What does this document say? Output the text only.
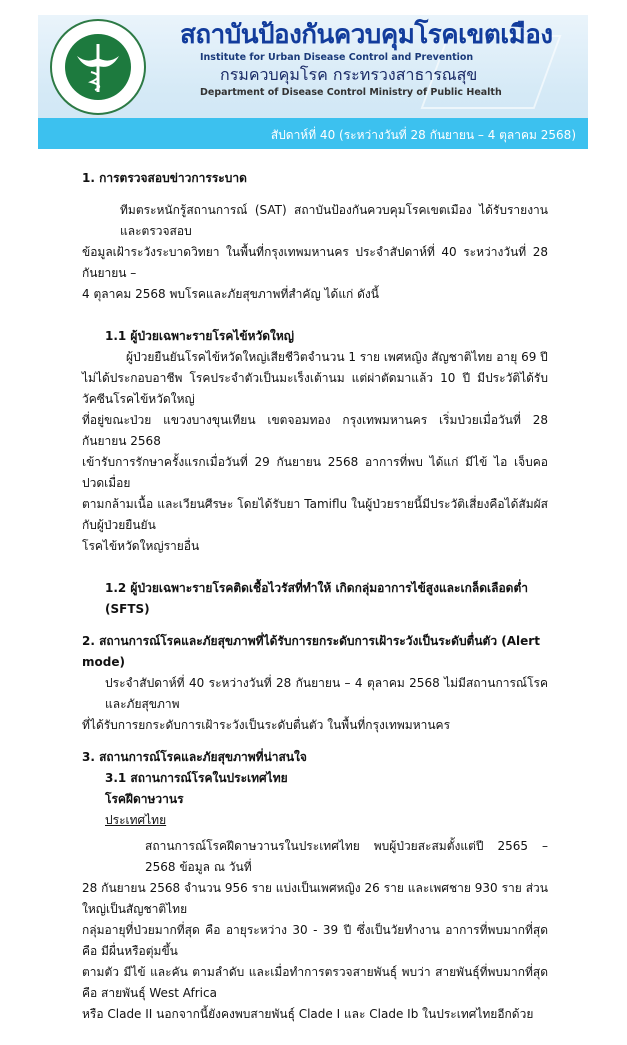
สถาบันป้องกันควบคุมโรคเขตเมือง
Institute for Urban Disease Control and Prevention
กรมควบคุมโรค กระทรวงสาธารณสุข
Department of Disease Control Ministry of Public Health
สัปดาห์ที่ 40 (ระหว่างวันที่ 28 กันยายน – 4 ตุลาคม 2568)
1. การตรวจสอบข่าวการระบาด
ทีมตระหนักรู้สถานการณ์ (SAT) สถาบันป้องกันควบคุมโรคเขตเมือง ได้รับรายงานและตรวจสอบ
ข้อมูลเฝ้าระวังระบาดวิทยา ในพื้นที่กรุงเทพมหานคร ประจำสัปดาห์ที่ 40 ระหว่างวันที่ 28 กันยายน –
4 ตุลาคม 2568 พบโรคและภัยสุขภาพที่สำคัญ ได้แก่ ดังนี้
1.1 ผู้ป่วยเฉพาะรายโรคไข้หวัดใหญ่
ผู้ป่วยยืนยันโรคไข้หวัดใหญ่เสียชีวิตจำนวน 1 ราย เพศหญิง สัญชาติไทย อายุ 69 ปี
ไม่ได้ประกอบอาชีพ โรคประจำตัวเป็นมะเร็งเต้านม แต่ผ่าตัดมาแล้ว 10 ปี มีประวัติได้รับวัคซีนโรคไข้หวัดใหญ่
ที่อยู่ขณะป่วย แขวงบางขุนเทียน เขตจอมทอง กรุงเทพมหานคร เริ่มป่วยเมื่อวันที่ 28 กันยายน 2568
เข้ารับการรักษาครั้งแรกเมื่อวันที่ 29 กันยายน 2568 อาการที่พบ ได้แก่ มีไข้ ไอ เจ็บคอ ปวดเมื่อย
ตามกล้ามเนื้อ และเวียนศีรษะ โดยได้รับยา Tamiflu ในผู้ป่วยรายนี้มีประวัติเสี่ยงคือได้สัมผัสกับผู้ป่วยยืนยัน
โรคไข้หวัดใหญ่รายอื่น
1.2 ผู้ป่วยเฉพาะรายโรคติดเชื้อไวรัสที่ทำให้ เกิดกลุ่มอาการไข้สูงและเกล็ดเลือดต่ำ (SFTS)
2. สถานการณ์โรคและภัยสุขภาพที่ได้รับการยกระดับการเฝ้าระวังเป็นระดับตื่นตัว (Alert mode)
ประจำสัปดาห์ที่ 40 ระหว่างวันที่ 28 กันยายน – 4 ตุลาคม 2568 ไม่มีสถานการณ์โรคและภัยสุขภาพ
ที่ได้รับการยกระดับการเฝ้าระวังเป็นระดับตื่นตัว ในพื้นที่กรุงเทพมหานคร
3. สถานการณ์โรคและภัยสุขภาพที่น่าสนใจ
3.1 สถานการณ์โรคในประเทศไทย
โรคฝีดาษวานร
ประเทศไทย
สถานการณ์โรคฝีดาษวานรในประเทศไทย พบผู้ป่วยสะสมตั้งแต่ปี 2565 – 2568 ข้อมูล ณ วันที่
28 กันยายน 2568 จำนวน 956 ราย แบ่งเป็นเพศหญิง 26 ราย และเพศชาย 930 ราย ส่วนใหญ่เป็นสัญชาติไทย
กลุ่มอายุที่ป่วยมากที่สุด คือ อายุระหว่าง 30 - 39 ปี ซึ่งเป็นวัยทำงาน อาการที่พบมากที่สุดคือ มีผื่นหรือตุ่มขึ้น
ตามตัว มีไข้ และคัน ตามลำดับ และเมื่อทำการตรวจสายพันธุ์ พบว่า สายพันธุ์ที่พบมากที่สุด คือ สายพันธุ์ West Africa
หรือ Clade II นอกจากนี้ยังคงพบสายพันธุ์ Clade I และ Clade Ib ในประเทศไทยอีกด้วย
